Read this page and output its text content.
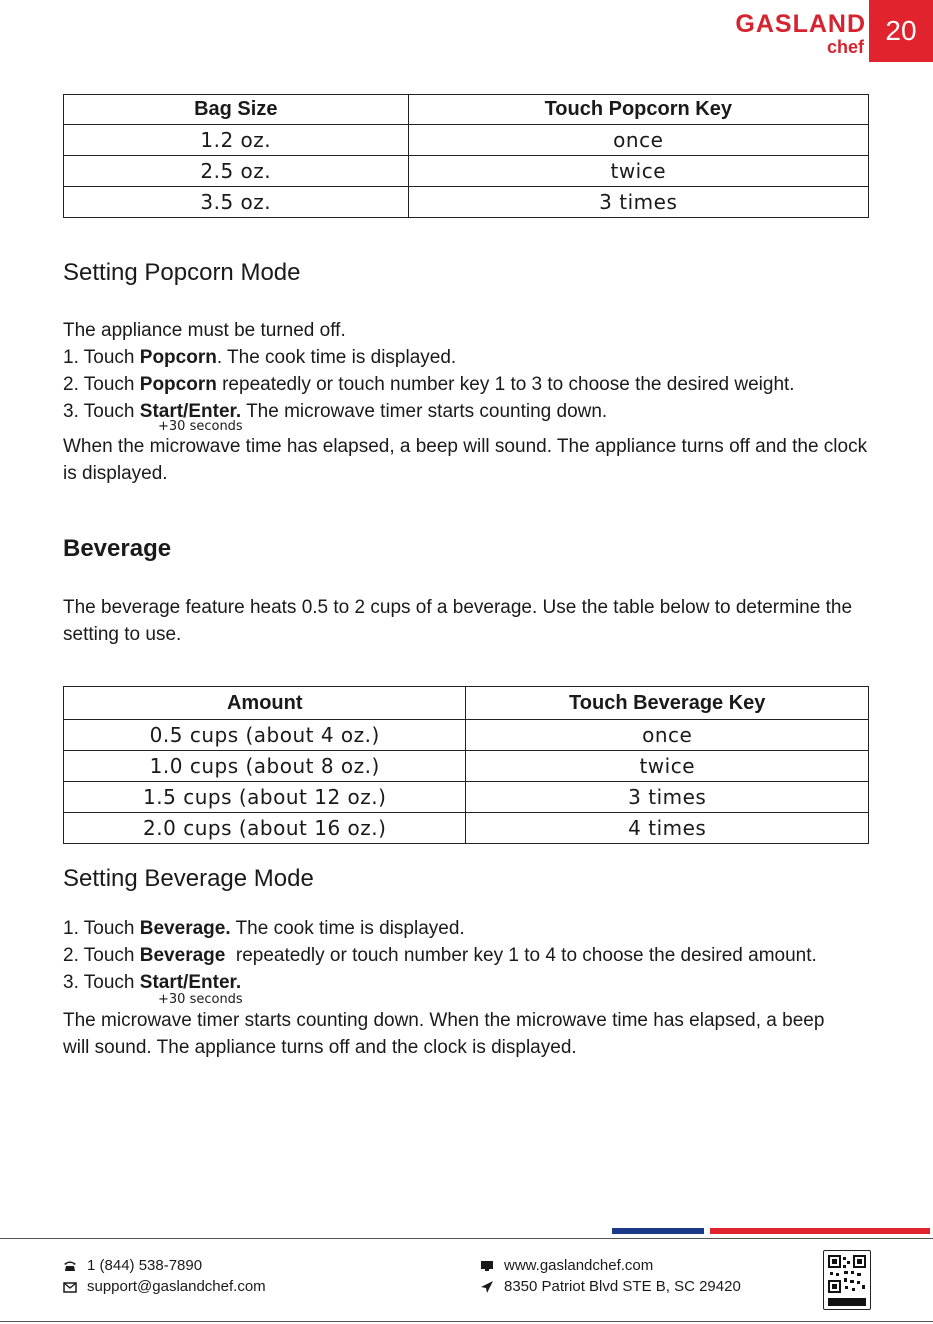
GASLAND
chef
20
Bag Size	Touch Popcorn Key
1.2 oz.	once
2.5 oz.	twice
3.5 oz.	3 times
Setting Popcorn Mode
The appliance must be turned off.
1. Touch Popcorn. The cook time is displayed.
2. Touch Popcorn repeatedly or touch number key 1 to 3 to choose the desired weight.
3. Touch Start/Enter. The microwave timer starts counting down.
+30 seconds
When the microwave time has elapsed, a beep will sound. The appliance turns off and the clock is displayed.
Beverage
The beverage feature heats 0.5 to 2 cups of a beverage. Use the table below to determine the setting to use.
Amount	Touch Beverage Key
0.5 cups (about 4 oz.)	once
1.0 cups (about 8 oz.)	twice
1.5 cups (about 12 oz.)	3 times
2.0 cups (about 16 oz.)	4 times
Setting Beverage Mode
1. Touch Beverage. The cook time is displayed.
2. Touch Beverage  repeatedly or touch number key 1 to 4 to choose the desired amount.
3. Touch Start/Enter.
+30 seconds
The microwave timer starts counting down. When the microwave time has elapsed, a beep will sound. The appliance turns off and the clock is displayed.
1 (844) 538-7890
support@gaslandchef.com
www.gaslandchef.com
8350 Patriot Blvd STE B, SC 29420
